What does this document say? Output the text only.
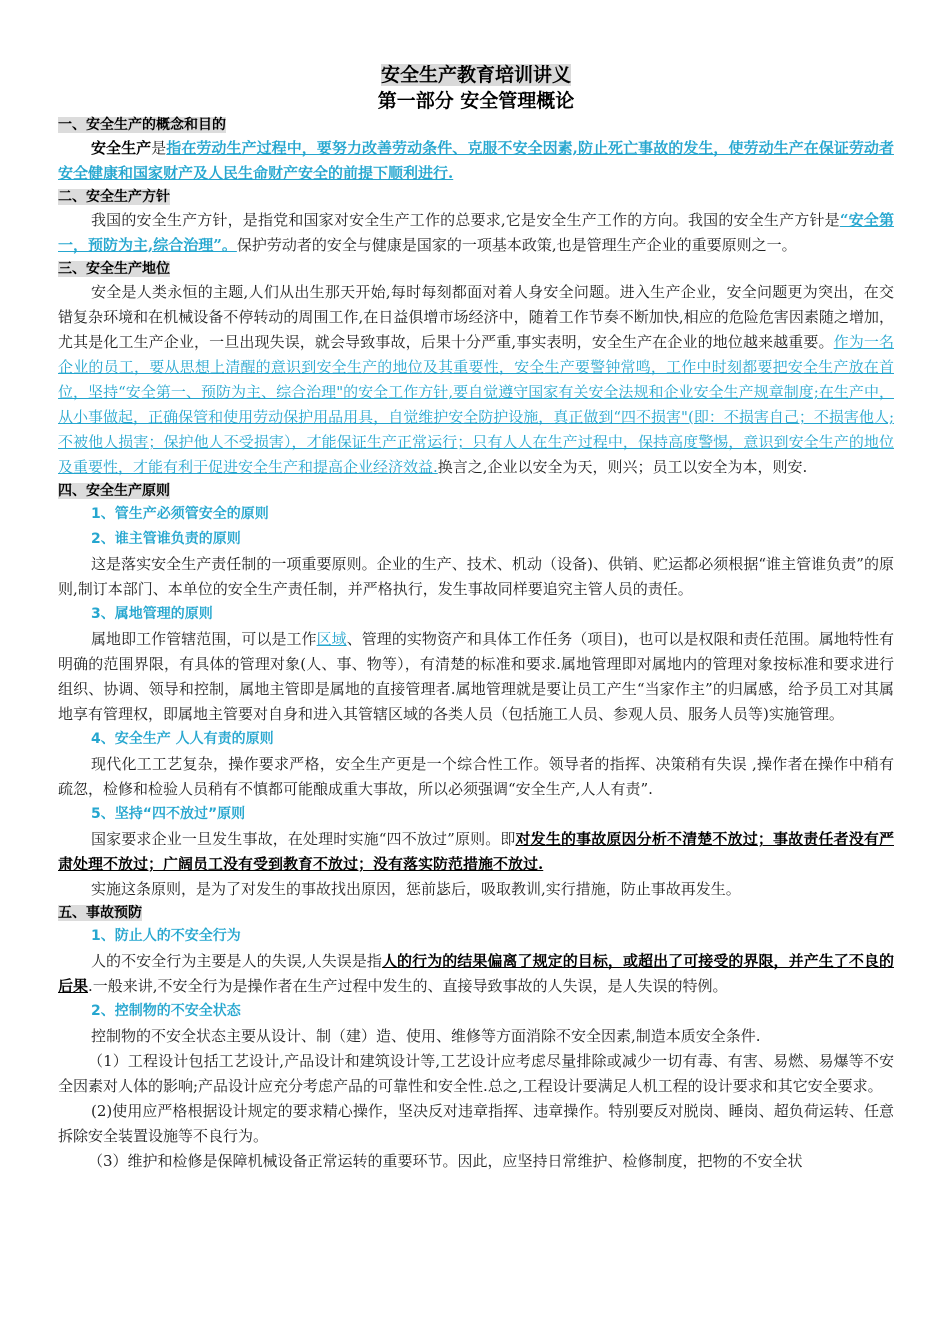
安全生产教育培训讲义
第一部分 安全管理概论
一、安全生产的概念和目的

安全生产是指在劳动生产过程中，要努力改善劳动条件、克服不安全因素,防止死亡事故的发生，使劳动生产在保证劳动者安全健康和国家财产及人民生命财产安全的前提下顺利进行.

二、安全生产方针

我国的安全生产方针，是指党和国家对安全生产工作的总要求,它是安全生产工作的方向。我国的安全生产方针是“安全第一，预防为主,综合治理”。保护劳动者的安全与健康是国家的一项基本政策,也是管理生产企业的重要原则之一。

三、安全生产地位

安全是人类永恒的主题,人们从出生那天开始,每时每刻都面对着人身安全问题。进入生产企业，安全问题更为突出，在交错复杂环境和在机械设备不停转动的周围工作,在日益俱增市场经济中，随着工作节奏不断加快,相应的危险危害因素随之增加，尤其是化工生产企业，一旦出现失误，就会导致事故，后果十分严重,事实表明，安全生产在企业的地位越来越重要。作为一名企业的员工，要从思想上清醒的意识到安全生产的地位及其重要性，安全生产要警钟常鸣，工作中时刻都要把安全生产放在首位，坚持“安全第一、预防为主、综合治理"的安全工作方针,要自觉遵守国家有关安全法规和企业安全生产规章制度;在生产中，从小事做起，正确保管和使用劳动保护用品用具，自觉维护安全防护设施，真正做到“四不损害"(即：不损害自己；不损害他人;不被他人损害；保护他人不受损害），才能保证生产正常运行；只有人人在生产过程中，保持高度警惕，意识到安全生产的地位及重要性，才能有利于促进安全生产和提高企业经济效益.换言之,企业以安全为天，则兴；员工以安全为本，则安.

四、安全生产原则
1、管生产必须管安全的原则
2、谁主管谁负责的原则

这是落实安全生产责任制的一项重要原则。企业的生产、技术、机动（设备)、供销、贮运都必须根据“谁主管谁负责”的原则,制订本部门、本单位的安全生产责任制，并严格执行，发生事故同样要追究主管人员的责任。

3、属地管理的原则

属地即工作管辖范围，可以是工作区域、管理的实物资产和具体工作任务（项目)，也可以是权限和责任范围。属地特性有明确的范围界限，有具体的管理对象(人、事、物等），有清楚的标准和要求.属地管理即对属地内的管理对象按标准和要求进行组织、协调、领导和控制，属地主管即是属地的直接管理者.属地管理就是要让员工产生“当家作主”的归属感，给予员工对其属地享有管理权，即属地主管要对自身和进入其管辖区域的各类人员（包括施工人员、参观人员、服务人员等)实施管理。

4、安全生产 人人有责的原则

现代化工工艺复杂，操作要求严格，安全生产更是一个综合性工作。领导者的指挥、决策稍有失误 ,操作者在操作中稍有疏忽，检修和检验人员稍有不慎都可能酿成重大事故，所以必须强调“安全生产,人人有责”.

5、坚持“四不放过”原则

国家要求企业一旦发生事故，在处理时实施“四不放过”原则。即对发生的事故原因分析不清楚不放过；事故责任者没有严肃处理不放过；广阔员工没有受到教育不放过；没有落实防范措施不放过.

实施这条原则，是为了对发生的事故找出原因，惩前毖后，吸取教训,实行措施，防止事故再发生。

五、事故预防
1、防止人的不安全行为

人的不安全行为主要是人的失误,人失误是指人的行为的结果偏离了规定的目标，或超出了可接受的界限，并产生了不良的后果.一般来讲,不安全行为是操作者在生产过程中发生的、直接导致事故的人失误，是人失误的特例。

2、控制物的不安全状态

控制物的不安全状态主要从设计、制（建）造、使用、维修等方面消除不安全因素,制造本质安全条件.

（1）工程设计包括工艺设计,产品设计和建筑设计等,工艺设计应考虑尽量排除或减少一切有毒、有害、易燃、易爆等不安全因素对人体的影响;产品设计应充分考虑产品的可靠性和安全性.总之,工程设计要满足人机工程的设计要求和其它安全要求。

(2)使用应严格根据设计规定的要求精心操作，坚决反对违章指挥、违章操作。特别要反对脱岗、睡岗、超负荷运转、任意拆除安全装置设施等不良行为。

（3）维护和检修是保障机械设备正常运转的重要环节。因此，应坚持日常维护、检修制度，把物的不安全状
